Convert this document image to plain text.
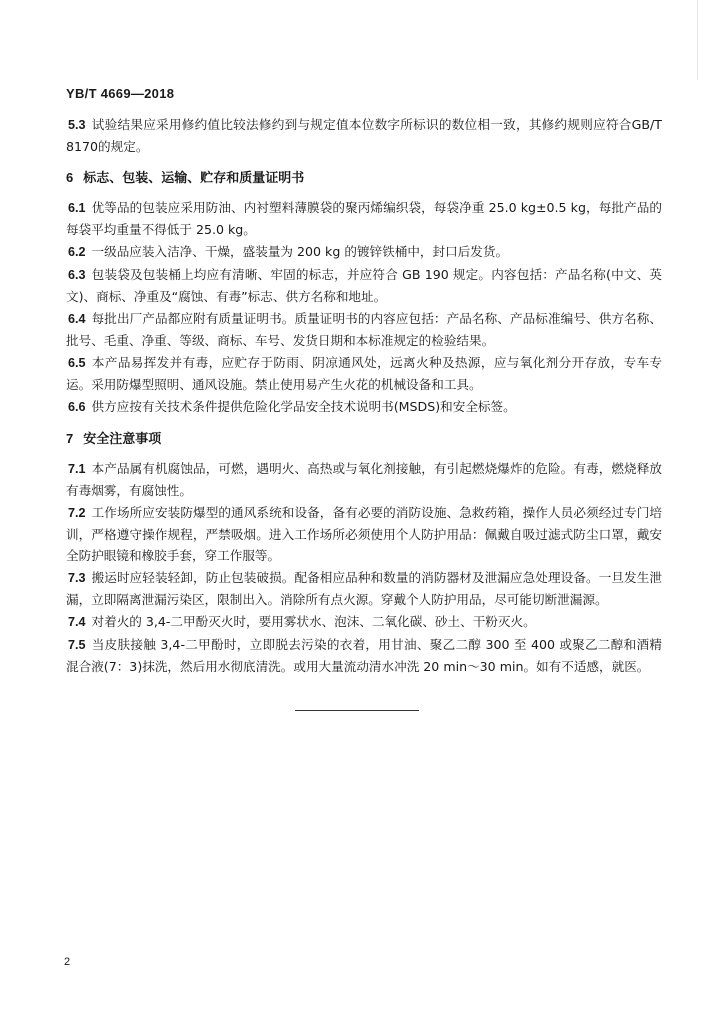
YB/T 4669—2018

5.3 试验结果应采用修约值比较法修约到与规定值本位数字所标识的数位相一致，其修约规则应符合GB/T 8170的规定。

6 标志、包装、运输、贮存和质量证明书

6.1 优等品的包装应采用防油、内衬塑料薄膜袋的聚丙烯编织袋，每袋净重 25.0 kg±0.5 kg，每批产品的每袋平均重量不得低于 25.0 kg。

6.2 一级品应装入洁净、干燥，盛装量为 200 kg 的镀锌铁桶中，封口后发货。

6.3 包装袋及包装桶上均应有清晰、牢固的标志，并应符合 GB 190 规定。内容包括：产品名称(中文、英文)、商标、净重及“腐蚀、有毒”标志、供方名称和地址。

6.4 每批出厂产品都应附有质量证明书。质量证明书的内容应包括：产品名称、产品标准编号、供方名称、批号、毛重、净重、等级、商标、车号、发货日期和本标准规定的检验结果。

6.5 本产品易挥发并有毒，应贮存于防雨、阴凉通风处，远离火种及热源，应与氧化剂分开存放，专车专运。采用防爆型照明、通风设施。禁止使用易产生火花的机械设备和工具。

6.6 供方应按有关技术条件提供危险化学品安全技术说明书(MSDS)和安全标签。

7 安全注意事项

7.1 本产品属有机腐蚀品，可燃，遇明火、高热或与氧化剂接触，有引起燃烧爆炸的危险。有毒，燃烧释放有毒烟雾，有腐蚀性。

7.2 工作场所应安装防爆型的通风系统和设备，备有必要的消防设施、急救药箱，操作人员必须经过专门培训，严格遵守操作规程，严禁吸烟。进入工作场所必须使用个人防护用品：佩戴自吸过滤式防尘口罩，戴安全防护眼镜和橡胶手套，穿工作服等。

7.3 搬运时应轻装轻卸，防止包装破损。配备相应品种和数量的消防器材及泄漏应急处理设备。一旦发生泄漏，立即隔离泄漏污染区，限制出入。消除所有点火源。穿戴个人防护用品，尽可能切断泄漏源。

7.4 对着火的 3,4-二甲酚灭火时，要用雾状水、泡沫、二氧化碳、砂土、干粉灭火。

7.5 当皮肤接触 3,4-二甲酚时，立即脱去污染的衣着，用甘油、聚乙二醇 300 至 400 或聚乙二醇和酒精混合液(7：3)抹洗，然后用水彻底清洗。或用大量流动清水冲洗 20 min～30 min。如有不适感，就医。

2
